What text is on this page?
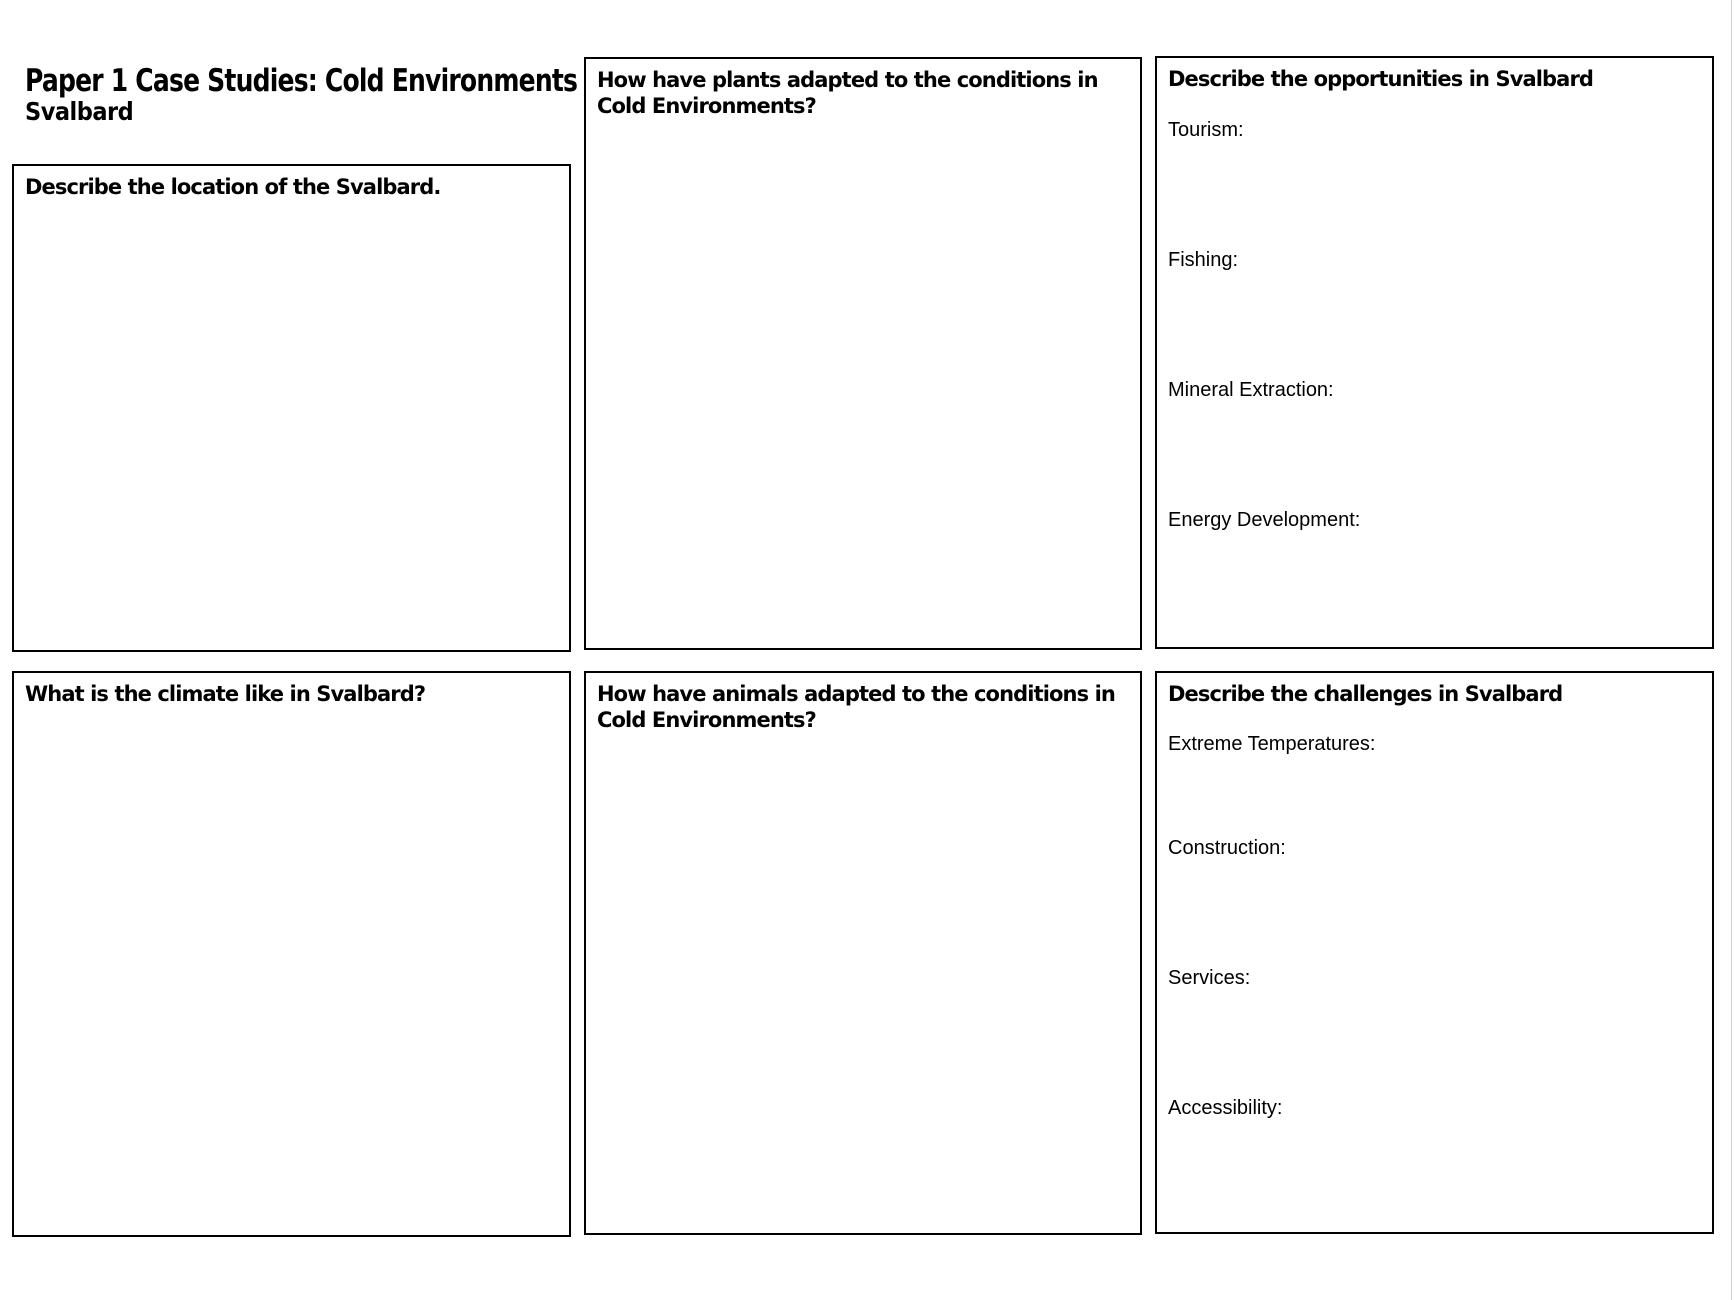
Paper 1 Case Studies: Cold Environments
Svalbard
Describe the location of the Svalbard.
What is the climate like in Svalbard?
How have plants adapted to the conditions in Cold Environments?
How have animals adapted to the conditions in Cold Environments?
Describe the opportunities in Svalbard
Tourism:
Fishing:
Mineral Extraction:
Energy Development:
Describe the challenges in Svalbard
Extreme Temperatures:
Construction:
Services:
Accessibility:
